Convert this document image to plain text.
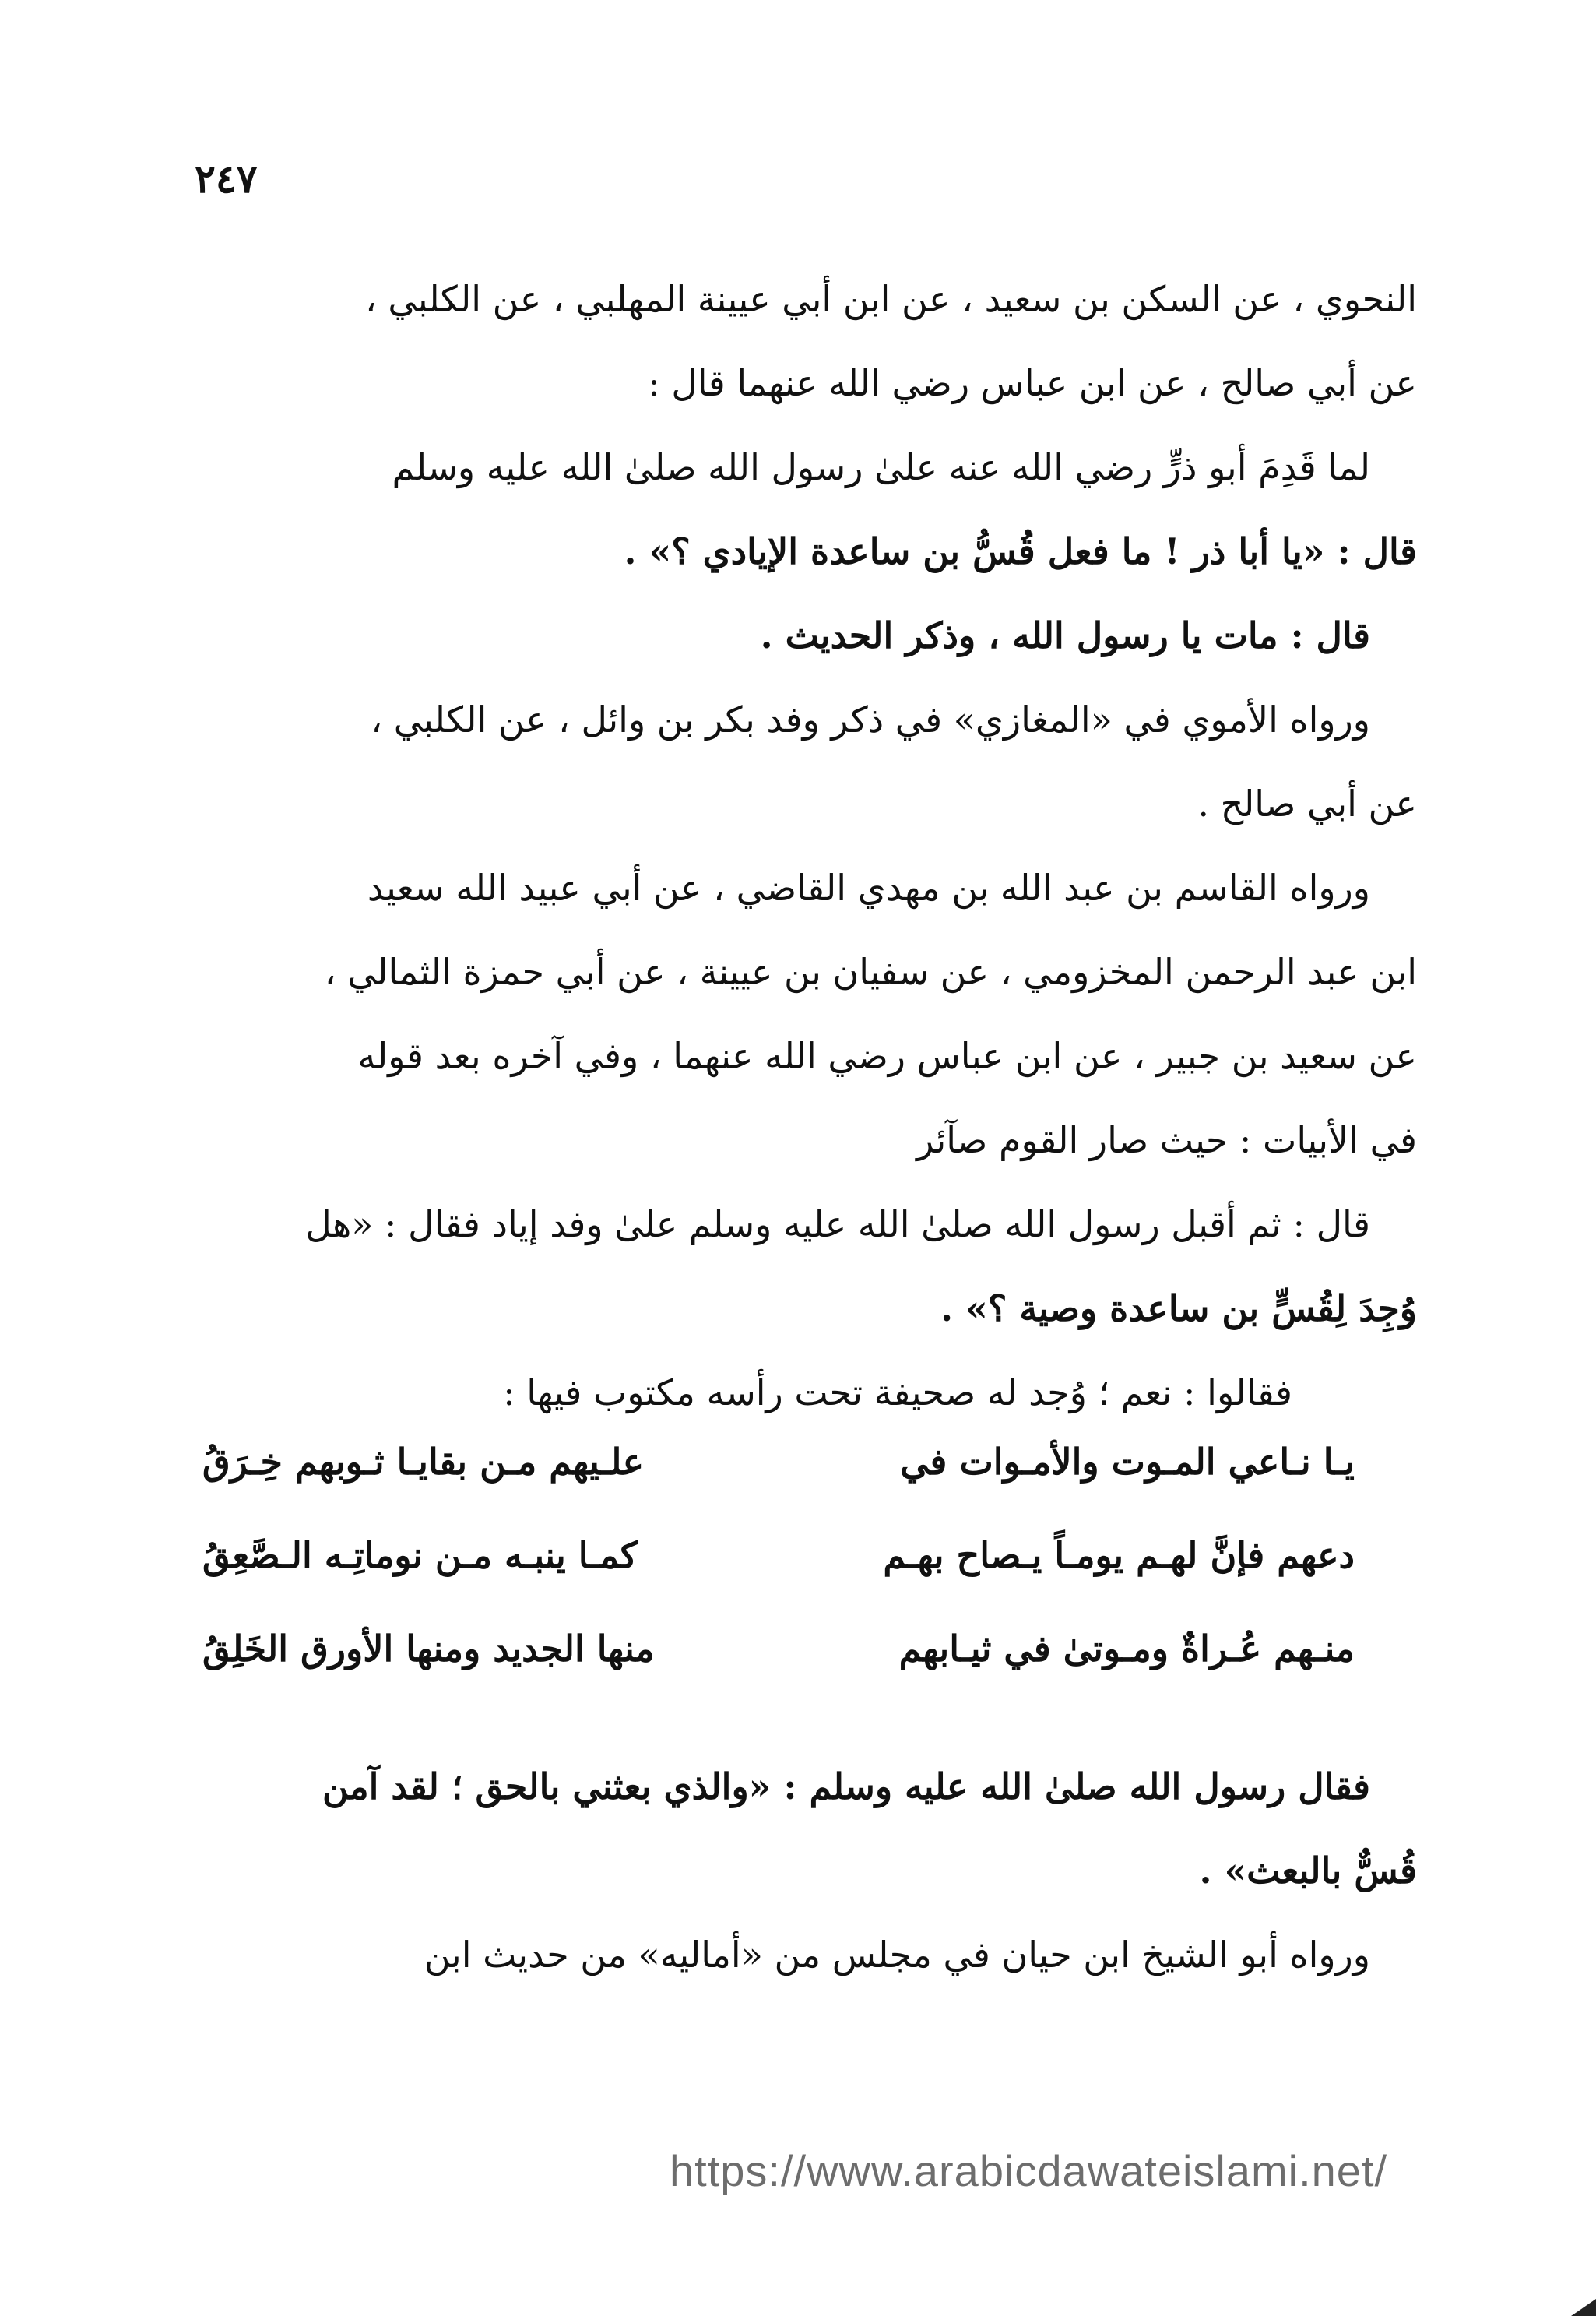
٢٤٧
النحوي ، عن السكن بن سعيد ، عن ابن أبي عيينة المهلبي ، عن الكلبي ،
عن أبي صالح ، عن ابن عباس رضي الله عنهما قال :
لما قَدِمَ أبو ذرٍّ رضي الله عنه علىٰ رسول الله صلىٰ الله عليه وسلم
قال : «يا أبا ذر ! ما فعل قُسُّ بن ساعدة الإيادي ؟» .
قال : مات يا رسول الله ، وذكر الحديث .
ورواه الأموي في «المغازي» في ذكر وفد بكر بن وائل ، عن الكلبي ،
عن أبي صالح .
ورواه القاسم بن عبد الله بن مهدي القاضي ، عن أبي عبيد الله سعيد
ابن عبد الرحمن المخزومي ، عن سفيان بن عيينة ، عن أبي حمزة الثمالي ،
عن سعيد بن جبير ، عن ابن عباس رضي الله عنهما ، وفي آخره بعد قوله
في الأبيات : حيث صار القوم صآئر
قال : ثم أقبل رسول الله صلىٰ الله عليه وسلم علىٰ وفد إياد فقال : «هل
وُجِدَ لِقُسٍّ بن ساعدة وصية ؟» .
فقالوا : نعم ؛ وُجد له صحيفة تحت رأسه مكتوب فيها :
يـا نـاعي المـوت والأمـوات في
علـيهم مـن بقايـا ثـوبهم خِـرَقُ
دعهم فإنَّ لهـم يومـاً يـصاح بهـم
كمـا ينبـه مـن نوماتِـه الـصَّعِقُ
منـهم عُـراةٌ ومـوتىٰ في ثيـابهم
منها الجديد ومنها الأورق الخَلِقُ
فقال رسول الله صلىٰ الله عليه وسلم : «والذي بعثني بالحق ؛ لقد آمن
قُسٌّ بالبعث» .
ورواه أبو الشيخ ابن حيان في مجلس من «أماليه» من حديث ابن
https://www.arabicdawateislami.net/
